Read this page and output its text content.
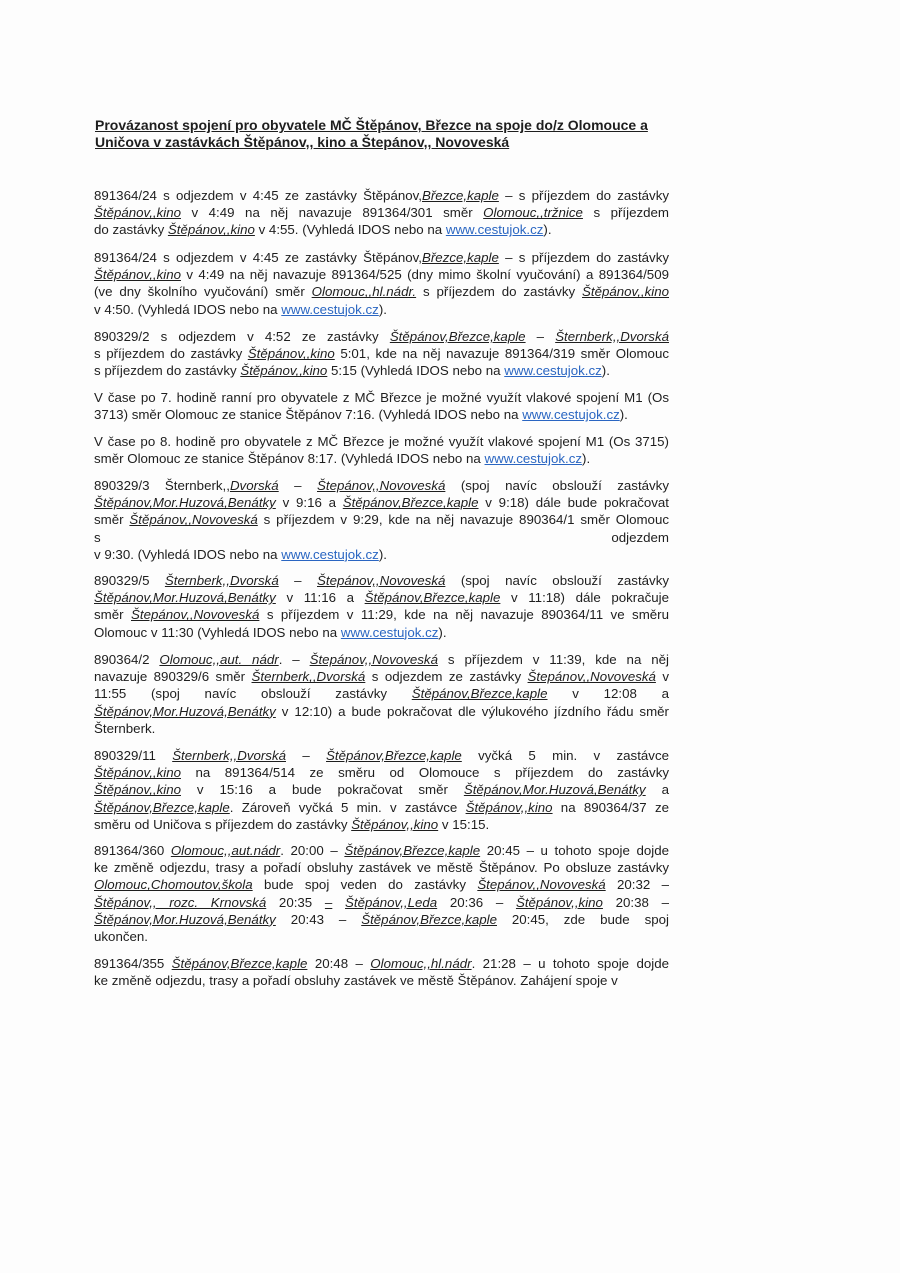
Provázanost spojení pro obyvatele MČ Štěpánov, Březce na spoje do/z Olomouce a Uničova v zastávkách Štěpánov,, kino a Štepánov,, Novoveská
891364/24 s odjezdem v 4:45 ze zastávky Štěpánov,Březce,kaple – s příjezdem do zastávky
Štěpánov,,kino v 4:49 na něj navazuje 891364/301 směr Olomouc,,tržnice s příjezdem
do zastávky Štěpánov,,kino v 4:55. (Vyhledá IDOS nebo na www.cestujok.cz).
891364/24 s odjezdem v 4:45 ze zastávky Štěpánov,Březce,kaple – s příjezdem do zastávky
Štěpánov,,kino v 4:49 na něj navazuje 891364/525 (dny mimo školní vyučování) a 891364/509
(ve dny školního vyučování) směr Olomouc,,hl.nádr. s příjezdem do zastávky Štěpánov,,kino
v 4:50. (Vyhledá IDOS nebo na www.cestujok.cz).
890329/2 s odjezdem v 4:52 ze zastávky Štěpánov,Březce,kaple – Šternberk,,Dvorská
s příjezdem do zastávky Štěpánov,,kino 5:01, kde na něj navazuje 891364/319 směr Olomouc
s příjezdem do zastávky Štěpánov,,kino 5:15 (Vyhledá IDOS nebo na www.cestujok.cz).
V čase po 7. hodině ranní pro obyvatele z MČ Březce je možné využít vlakové spojení M1 (Os
3713) směr Olomouc ze stanice Štěpánov 7:16. (Vyhledá IDOS nebo na www.cestujok.cz).
V čase po 8. hodině pro obyvatele z MČ Březce je možné využít vlakové spojení M1 (Os 3715)
směr Olomouc ze stanice Štěpánov 8:17. (Vyhledá IDOS nebo na www.cestujok.cz).
890329/3 Šternberk,,Dvorská – Štepánov,,Novoveská (spoj navíc obslouží zastávky
Štěpánov,Mor.Huzová,Benátky v 9:16 a Štěpánov,Březce,kaple v 9:18) dále bude pokračovat
směr Štěpánov,,Novoveská s příjezdem v 9:29, kde na něj navazuje 890364/1 směr Olomouc
s odjezdem
v 9:30. (Vyhledá IDOS nebo na www.cestujok.cz).
890329/5 Šternberk,,Dvorská – Štepánov,,Novoveská (spoj navíc obslouží zastávky
Štěpánov,Mor.Huzová,Benátky v 11:16 a Štěpánov,Březce,kaple v 11:18) dále pokračuje
směr Štepánov,,Novoveská s příjezdem v 11:29, kde na něj navazuje 890364/11 ve směru
Olomouc v 11:30 (Vyhledá IDOS nebo na www.cestujok.cz).
890364/2 Olomouc,,aut. nádr. – Štepánov,,Novoveská s příjezdem v 11:39, kde na něj
navazuje 890329/6 směr Šternberk,,Dvorská s odjezdem ze zastávky Štepánov,,Novoveská v
11:55 (spoj navíc obslouží zastávky Štěpánov,Březce,kaple v 12:08 a
Štěpánov,Mor.Huzová,Benátky v 12:10) a bude pokračovat dle výlukového jízdního řádu směr
Šternberk.
890329/11 Šternberk,,Dvorská – Štěpánov,Březce,kaple vyčká 5 min. v zastávce
Štěpánov,,kino na 891364/514 ze směru od Olomouce s příjezdem do zastávky
Štěpánov,,kino v 15:16 a bude pokračovat směr Štěpánov,Mor.Huzová,Benátky a
Štěpánov,Březce,kaple. Zároveň vyčká 5 min. v zastávce Štěpánov,,kino na 890364/37 ze
směru od Uničova s příjezdem do zastávky Štěpánov,,kino v 15:15.
891364/360 Olomouc,,aut.nádr. 20:00 – Štěpánov,Březce,kaple 20:45 – u tohoto spoje dojde
ke změně odjezdu, trasy a pořadí obsluhy zastávek ve městě Štěpánov. Po obsluze zastávky
Olomouc,Chomoutov,škola bude spoj veden do zastávky Štepánov,,Novoveská 20:32 –
Štěpánov,, rozc. Krnovská 20:35 – Štěpánov,,Leda 20:36 – Štěpánov,,kino 20:38 –
Štěpánov,Mor.Huzová,Benátky 20:43 – Štěpánov,Březce,kaple 20:45, zde bude spoj
ukončen.
891364/355 Štěpánov,Březce,kaple 20:48 – Olomouc,,hl.nádr. 21:28 – u tohoto spoje dojde
ke změně odjezdu, trasy a pořadí obsluhy zastávek ve městě Štěpánov. Zahájení spoje v
